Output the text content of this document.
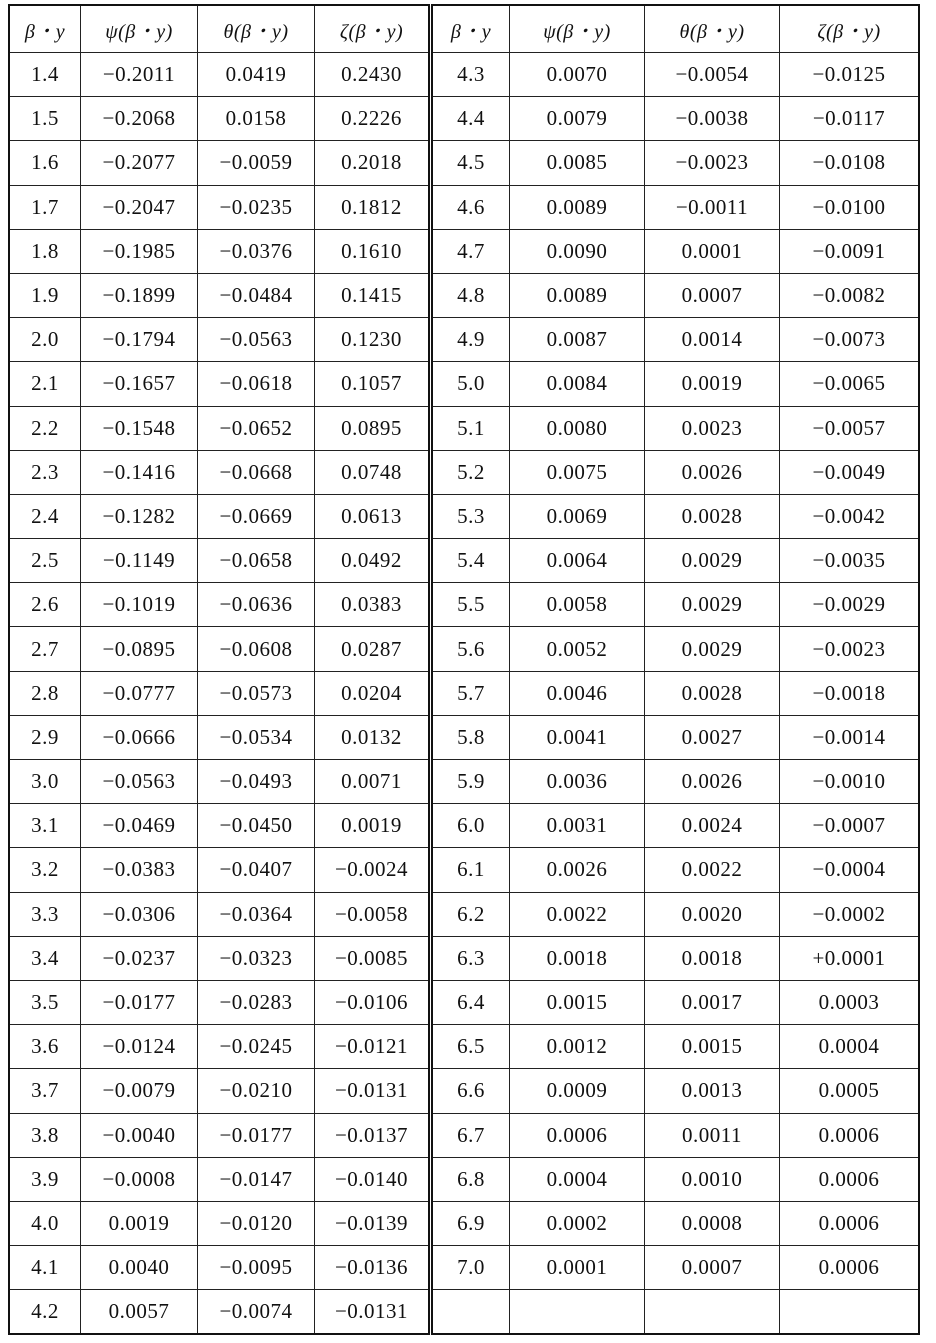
β・y	ψ(β・y)	θ(β・y)	ζ(β・y)	β・y	ψ(β・y)	θ(β・y)	ζ(β・y)
1.4	−0.2011	0.0419	0.2430	4.3	0.0070	−0.0054	−0.0125
1.5	−0.2068	0.0158	0.2226	4.4	0.0079	−0.0038	−0.0117
1.6	−0.2077	−0.0059	0.2018	4.5	0.0085	−0.0023	−0.0108
1.7	−0.2047	−0.0235	0.1812	4.6	0.0089	−0.0011	−0.0100
1.8	−0.1985	−0.0376	0.1610	4.7	0.0090	0.0001	−0.0091
1.9	−0.1899	−0.0484	0.1415	4.8	0.0089	0.0007	−0.0082
2.0	−0.1794	−0.0563	0.1230	4.9	0.0087	0.0014	−0.0073
2.1	−0.1657	−0.0618	0.1057	5.0	0.0084	0.0019	−0.0065
2.2	−0.1548	−0.0652	0.0895	5.1	0.0080	0.0023	−0.0057
2.3	−0.1416	−0.0668	0.0748	5.2	0.0075	0.0026	−0.0049
2.4	−0.1282	−0.0669	0.0613	5.3	0.0069	0.0028	−0.0042
2.5	−0.1149	−0.0658	0.0492	5.4	0.0064	0.0029	−0.0035
2.6	−0.1019	−0.0636	0.0383	5.5	0.0058	0.0029	−0.0029
2.7	−0.0895	−0.0608	0.0287	5.6	0.0052	0.0029	−0.0023
2.8	−0.0777	−0.0573	0.0204	5.7	0.0046	0.0028	−0.0018
2.9	−0.0666	−0.0534	0.0132	5.8	0.0041	0.0027	−0.0014
3.0	−0.0563	−0.0493	0.0071	5.9	0.0036	0.0026	−0.0010
3.1	−0.0469	−0.0450	0.0019	6.0	0.0031	0.0024	−0.0007
3.2	−0.0383	−0.0407	−0.0024	6.1	0.0026	0.0022	−0.0004
3.3	−0.0306	−0.0364	−0.0058	6.2	0.0022	0.0020	−0.0002
3.4	−0.0237	−0.0323	−0.0085	6.3	0.0018	0.0018	+0.0001
3.5	−0.0177	−0.0283	−0.0106	6.4	0.0015	0.0017	0.0003
3.6	−0.0124	−0.0245	−0.0121	6.5	0.0012	0.0015	0.0004
3.7	−0.0079	−0.0210	−0.0131	6.6	0.0009	0.0013	0.0005
3.8	−0.0040	−0.0177	−0.0137	6.7	0.0006	0.0011	0.0006
3.9	−0.0008	−0.0147	−0.0140	6.8	0.0004	0.0010	0.0006
4.0	0.0019	−0.0120	−0.0139	6.9	0.0002	0.0008	0.0006
4.1	0.0040	−0.0095	−0.0136	7.0	0.0001	0.0007	0.0006
4.2	0.0057	−0.0074	−0.0131				
